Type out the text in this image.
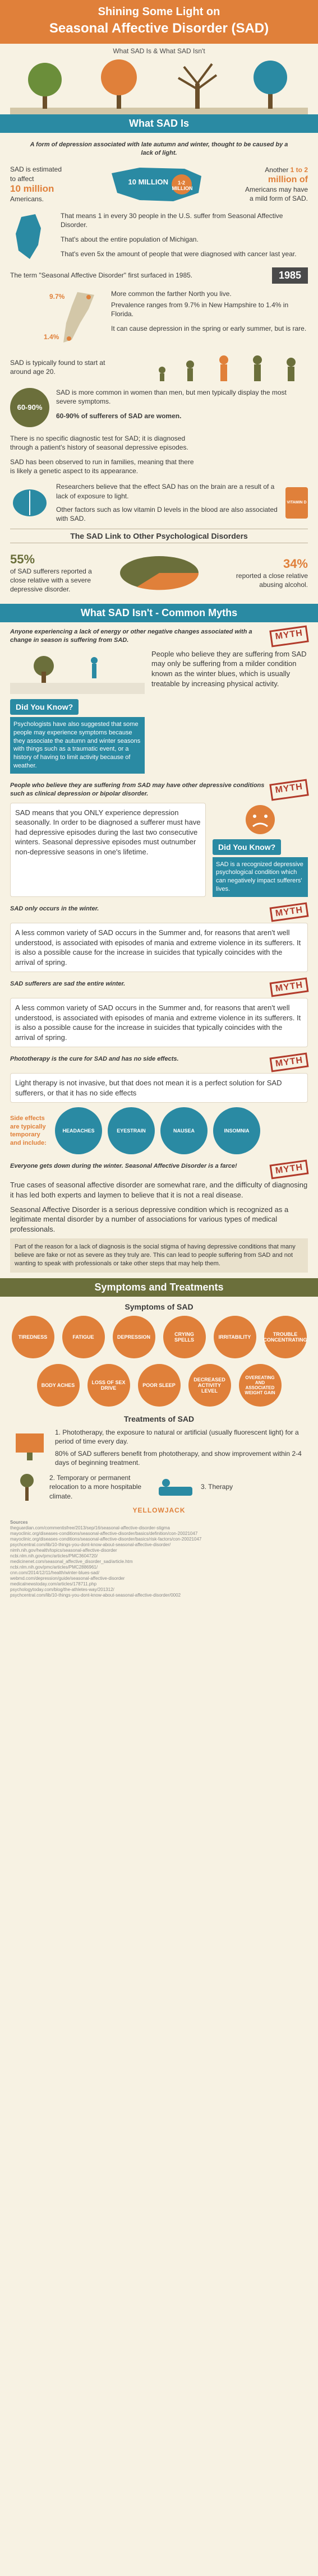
Shining Some Light on
Seasonal Affective Disorder (SAD)
What SAD Is & What SAD Isn't
What SAD Is
A form of depression associated with late autumn and winter, thought to be caused by a lack of light.
SAD is estimated
to affect
10 million
Americans.
10 MILLION	1-2 MILLION
Another 1 to 2
million of
Americans may have
a mild form of SAD.
That means 1 in every 30 people in the U.S. suffer from Seasonal Affective Disorder.
That's about the entire population of Michigan.
That's even 5x the amount of people that were diagnosed with cancer last year.
The term "Seasonal Affective Disorder" first surfaced in 1985.	1985
9.7%
1.4%
More common the farther North you live.
Prevalence ranges from 9.7% in New Hampshire to 1.4% in Florida.
It can cause depression in the spring or early summer, but is rare.
SAD is typically found to start at around age 20.
60-90%
SAD is more common in women than men, but men typically display the most severe symptoms.
60-90% of sufferers of SAD are women.
There is no specific diagnostic test for SAD; it is diagnosed through a patient's history of seasonal depressive episodes.
SAD has been observed to run in families, meaning that there is likely a genetic aspect to its appearance.
Researchers believe that the effect SAD has on the brain are a result of a lack of exposure to light.
Other factors such as low vitamin D levels in the blood are also associated with SAD.
VITAMIN D
The SAD Link to Other Psychological Disorders
55%
of SAD sufferers reported a close relative with a severe depressive disorder.
34%
reported a close relative abusing alcohol.
What SAD Isn't - Common Myths
Anyone experiencing a lack of energy or other negative changes associated with a change in season is suffering from SAD.	MYTH
Did You Know?
Psychologists have also suggested that some people may experience symptoms because they associate the autumn and winter seasons with things such as a traumatic event, or a history of having to limit activity because of weather.
People who believe they are suffering from SAD may only be suffering from a milder condition known as the winter blues, which is usually treatable by increasing physical activity.
People who believe they are suffering from SAD may have other depressive conditions such as clinical depression or bipolar disorder.	MYTH
SAD means that you ONLY experience depression seasonally. In order to be diagnosed a sufferer must have had depressive episodes during the last two consecutive winters. Seasonal depressive episodes must outnumber non-depressive seasons in one's lifetime.
Did You Know?
SAD is a recognized depressive psychological condition which can negatively impact sufferers' lives.
SAD only occurs in the winter.	MYTH
A less common variety of SAD occurs in the Summer and, for reasons that aren't well understood, is associated with episodes of mania and extreme violence in its sufferers. It is also a possible cause for the increase in suicides that typically coincides with the arrival of spring.
SAD sufferers are sad the entire winter.	MYTH
A less common variety of SAD occurs in the Summer and, for reasons that aren't well understood, is associated with episodes of mania and extreme violence in its sufferers. It is also a possible cause for the increase in suicides that typically coincides with the arrival of spring.
Phototherapy is the cure for SAD and has no side effects.	MYTH
Light therapy is not invasive, but that does not mean it is a perfect solution for SAD sufferers, or that it has no side effects
Side effects are typically temporary and include:
HEADACHES	EYESTRAIN	NAUSEA	INSOMNIA
Everyone gets down during the winter. Seasonal Affective Disorder is a farce!	MYTH
True cases of seasonal affective disorder are somewhat rare, and the difficulty of diagnosing it has led both experts and laymen to believe that it is not a real disease.
Seasonal Affective Disorder is a serious depressive condition which is recognized as a legitimate mental disorder by a number of associations for various types of medical professionals.
Part of the reason for a lack of diagnosis is the social stigma of having depressive conditions that many believe are fake or not as severe as they truly are. This can lead to people suffering from SAD and not wanting to speak with professionals or take other steps that may help them.
Symptoms and Treatments
Symptoms of SAD
TIREDNESS	FATIGUE	DEPRESSION	CRYING SPELLS	IRRITABILITY	TROUBLE CONCENTRATING
BODY ACHES	LOSS OF SEX DRIVE	POOR SLEEP
DECREASED ACTIVITY LEVEL
OVEREATING AND ASSOCIATED WEIGHT GAIN
Treatments of SAD
1. Phototherapy, the exposure to natural or artificial (usually fluorescent light) for a period of time every day.
80% of SAD sufferers benefit from phototherapy, and show improvement within 2-4 days of beginning treatment.
2. Temporary or permanent relocation to a more hospitable climate.
3. Therapy
YELLOWJACK
Sources
theguardian.com/commentisfree/2013/sep/16/seasonal-affective-disorder-stigma
mayoclinic.org/diseases-conditions/seasonal-affective-disorder/basics/definition/con-20021047
mayoclinic.org/diseases-conditions/seasonal-affective-disorder/basics/risk-factors/con-20021047
psychcentral.com/lib/10-things-you-dont-know-about-seasonal-affective-disorder/
nimh.nih.gov/health/topics/seasonal-affective-disorder
ncbi.nlm.nih.gov/pmc/articles/PMC3604720/
medicinenet.com/seasonal_affective_disorder_sad/article.htm
ncbi.nlm.nih.gov/pmc/articles/PMC2886961/
cnn.com/2014/12/11/health/winter-blues-sad/
webmd.com/depression/guide/seasonal-affective-disorder
medicalnewstoday.com/articles/178711.php
psychologytoday.com/blog/the-athletes-way/201312/
psychcentral.com/lib/10-things-you-dont-know-about-seasonal-affective-disorder/0002
